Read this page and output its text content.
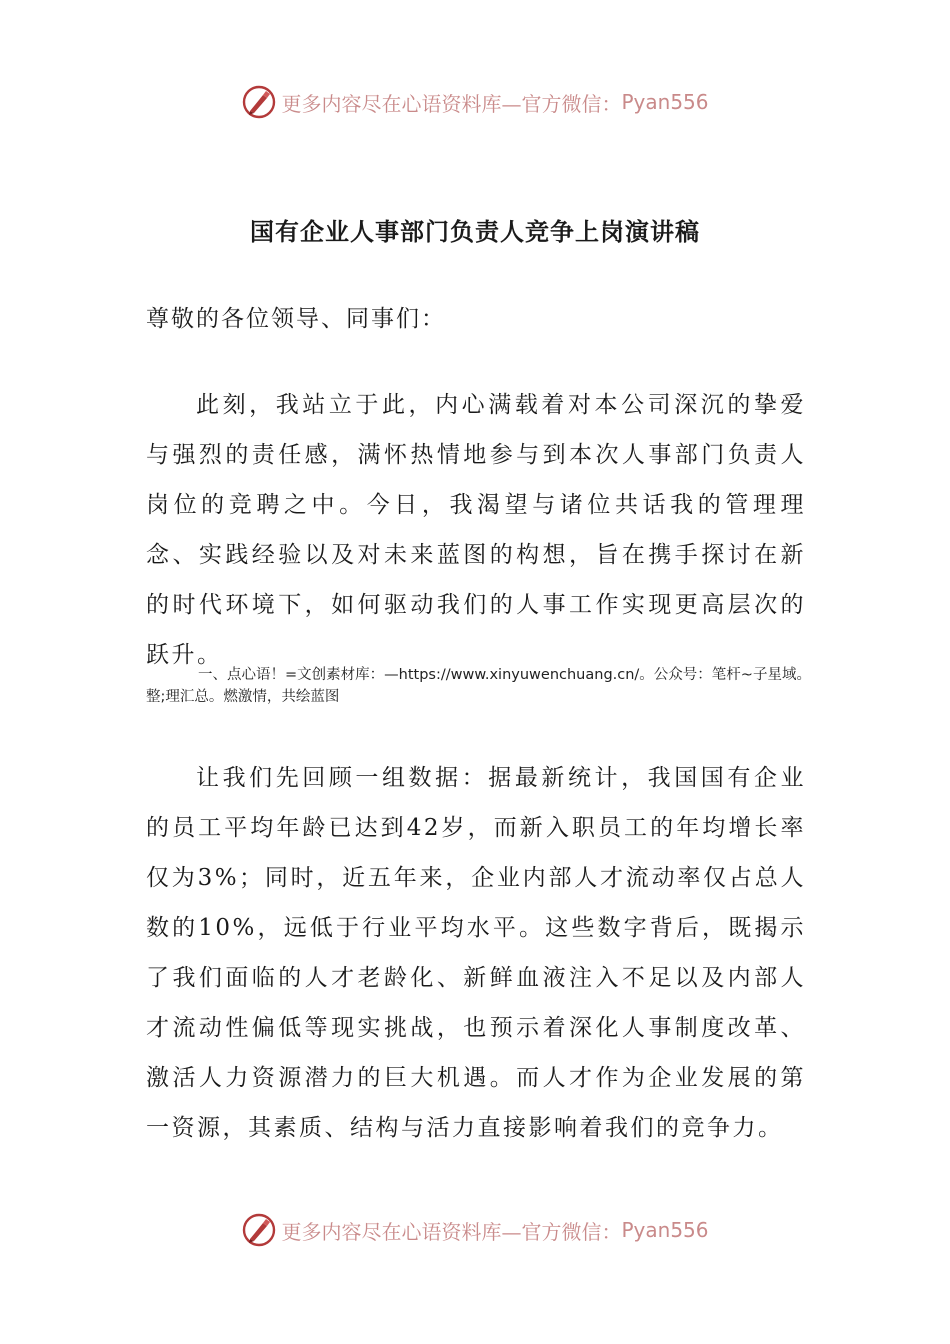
更多内容尽在心语资料库—官方微信： Pyan556
国有企业人事部门负责人竞争上岗演讲稿

尊敬的各位领导、同事们：

此刻，我站立于此，内心满载着对本公司深沉的挚爱与强烈的责任感，满怀热情地参与到本次人事部门负责人岗位的竞聘之中。今日，我渴望与诸位共话我的管理理念、实践经验以及对未来蓝图的构想，旨在携手探讨在新的时代环境下，如何驱动我们的人事工作实现更高层次的跃升。

一、点心语！=文创素材库：—https://www.xinyuwenchuang.cn/。公众号：笔杆~子星域。整;理汇总。燃激情，共绘蓝图

让我们先回顾一组数据：据最新统计，我国国有企业的员工平均年龄已达到42岁，而新入职员工的年均增长率仅为3%；同时，近五年来，企业内部人才流动率仅占总人数的10%，远低于行业平均水平。这些数字背后，既揭示了我们面临的人才老龄化、新鲜血液注入不足以及内部人才流动性偏低等现实挑战，也预示着深化人事制度改革、激活人力资源潜力的巨大机遇。而人才作为企业发展的第一资源，其素质、结构与活力直接影响着我们的竞争力。

更多内容尽在心语资料库—官方微信： Pyan556
